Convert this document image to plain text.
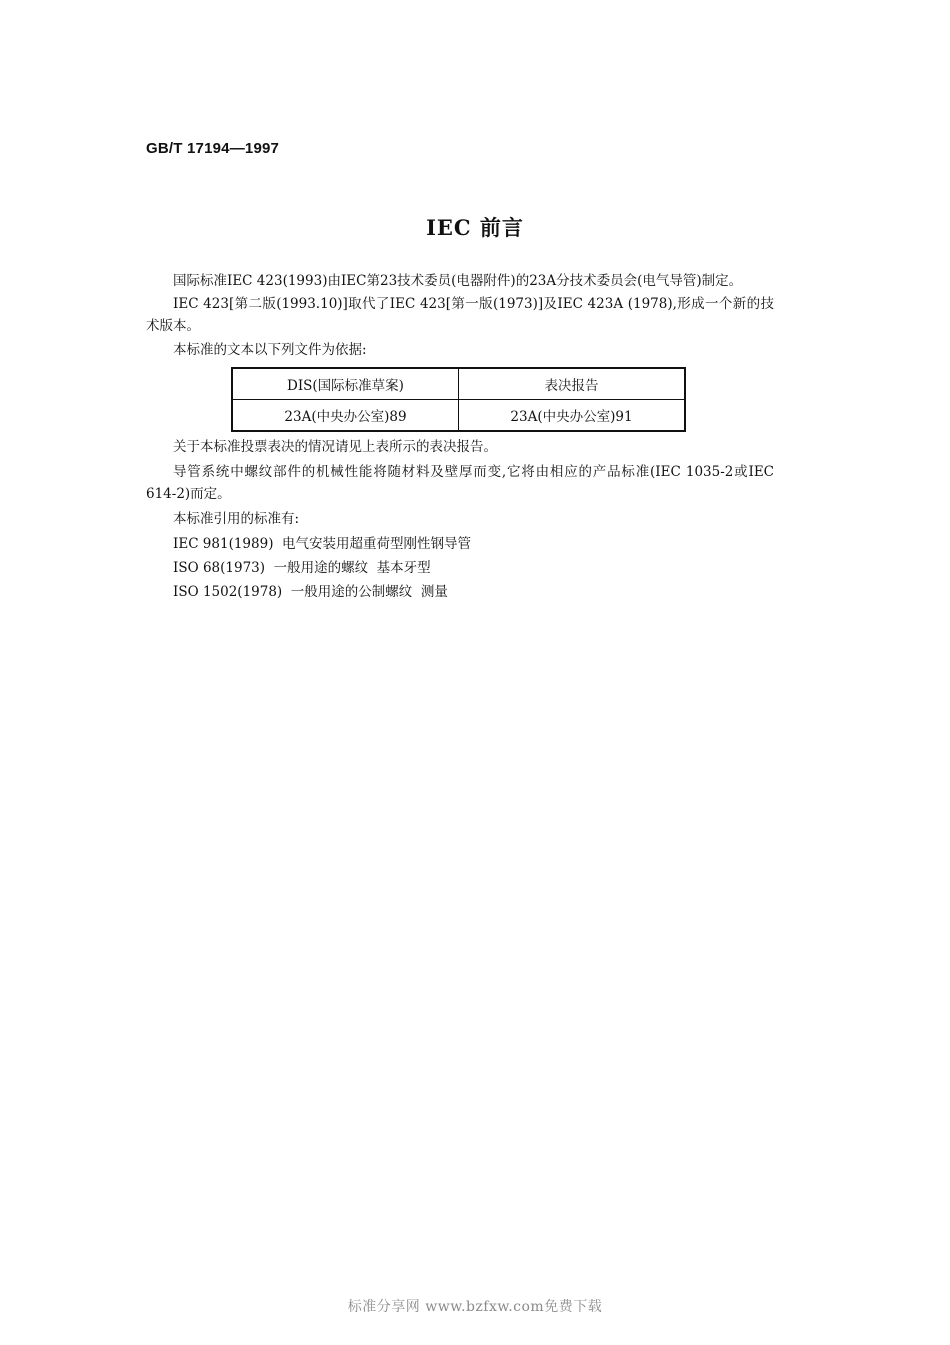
GB/T 17194—1997
IEC 前言
国际标准IEC 423(1993)由IEC第23技术委员(电器附件)的23A分技术委员会(电气导管)制定。
IEC 423[第二版(1993.10)]取代了IEC 423[第一版(1973)]及IEC 423A (1978),形成一个新的技术版本。
本标准的文本以下列文件为依据:
DIS(国际标准草案)	表决报告
23A(中央办公室)89	23A(中央办公室)91
关于本标准投票表决的情况请见上表所示的表决报告。
导管系统中螺纹部件的机械性能将随材料及壁厚而变,它将由相应的产品标准(IEC 1035-2或IEC 614-2)而定。
本标准引用的标准有:
IEC 981(1989)  电气安装用超重荷型刚性钢导管
ISO 68(1973)  一般用途的螺纹  基本牙型
ISO 1502(1978)  一般用途的公制螺纹  测量
标准分享网 www.bzfxw.com免费下载
